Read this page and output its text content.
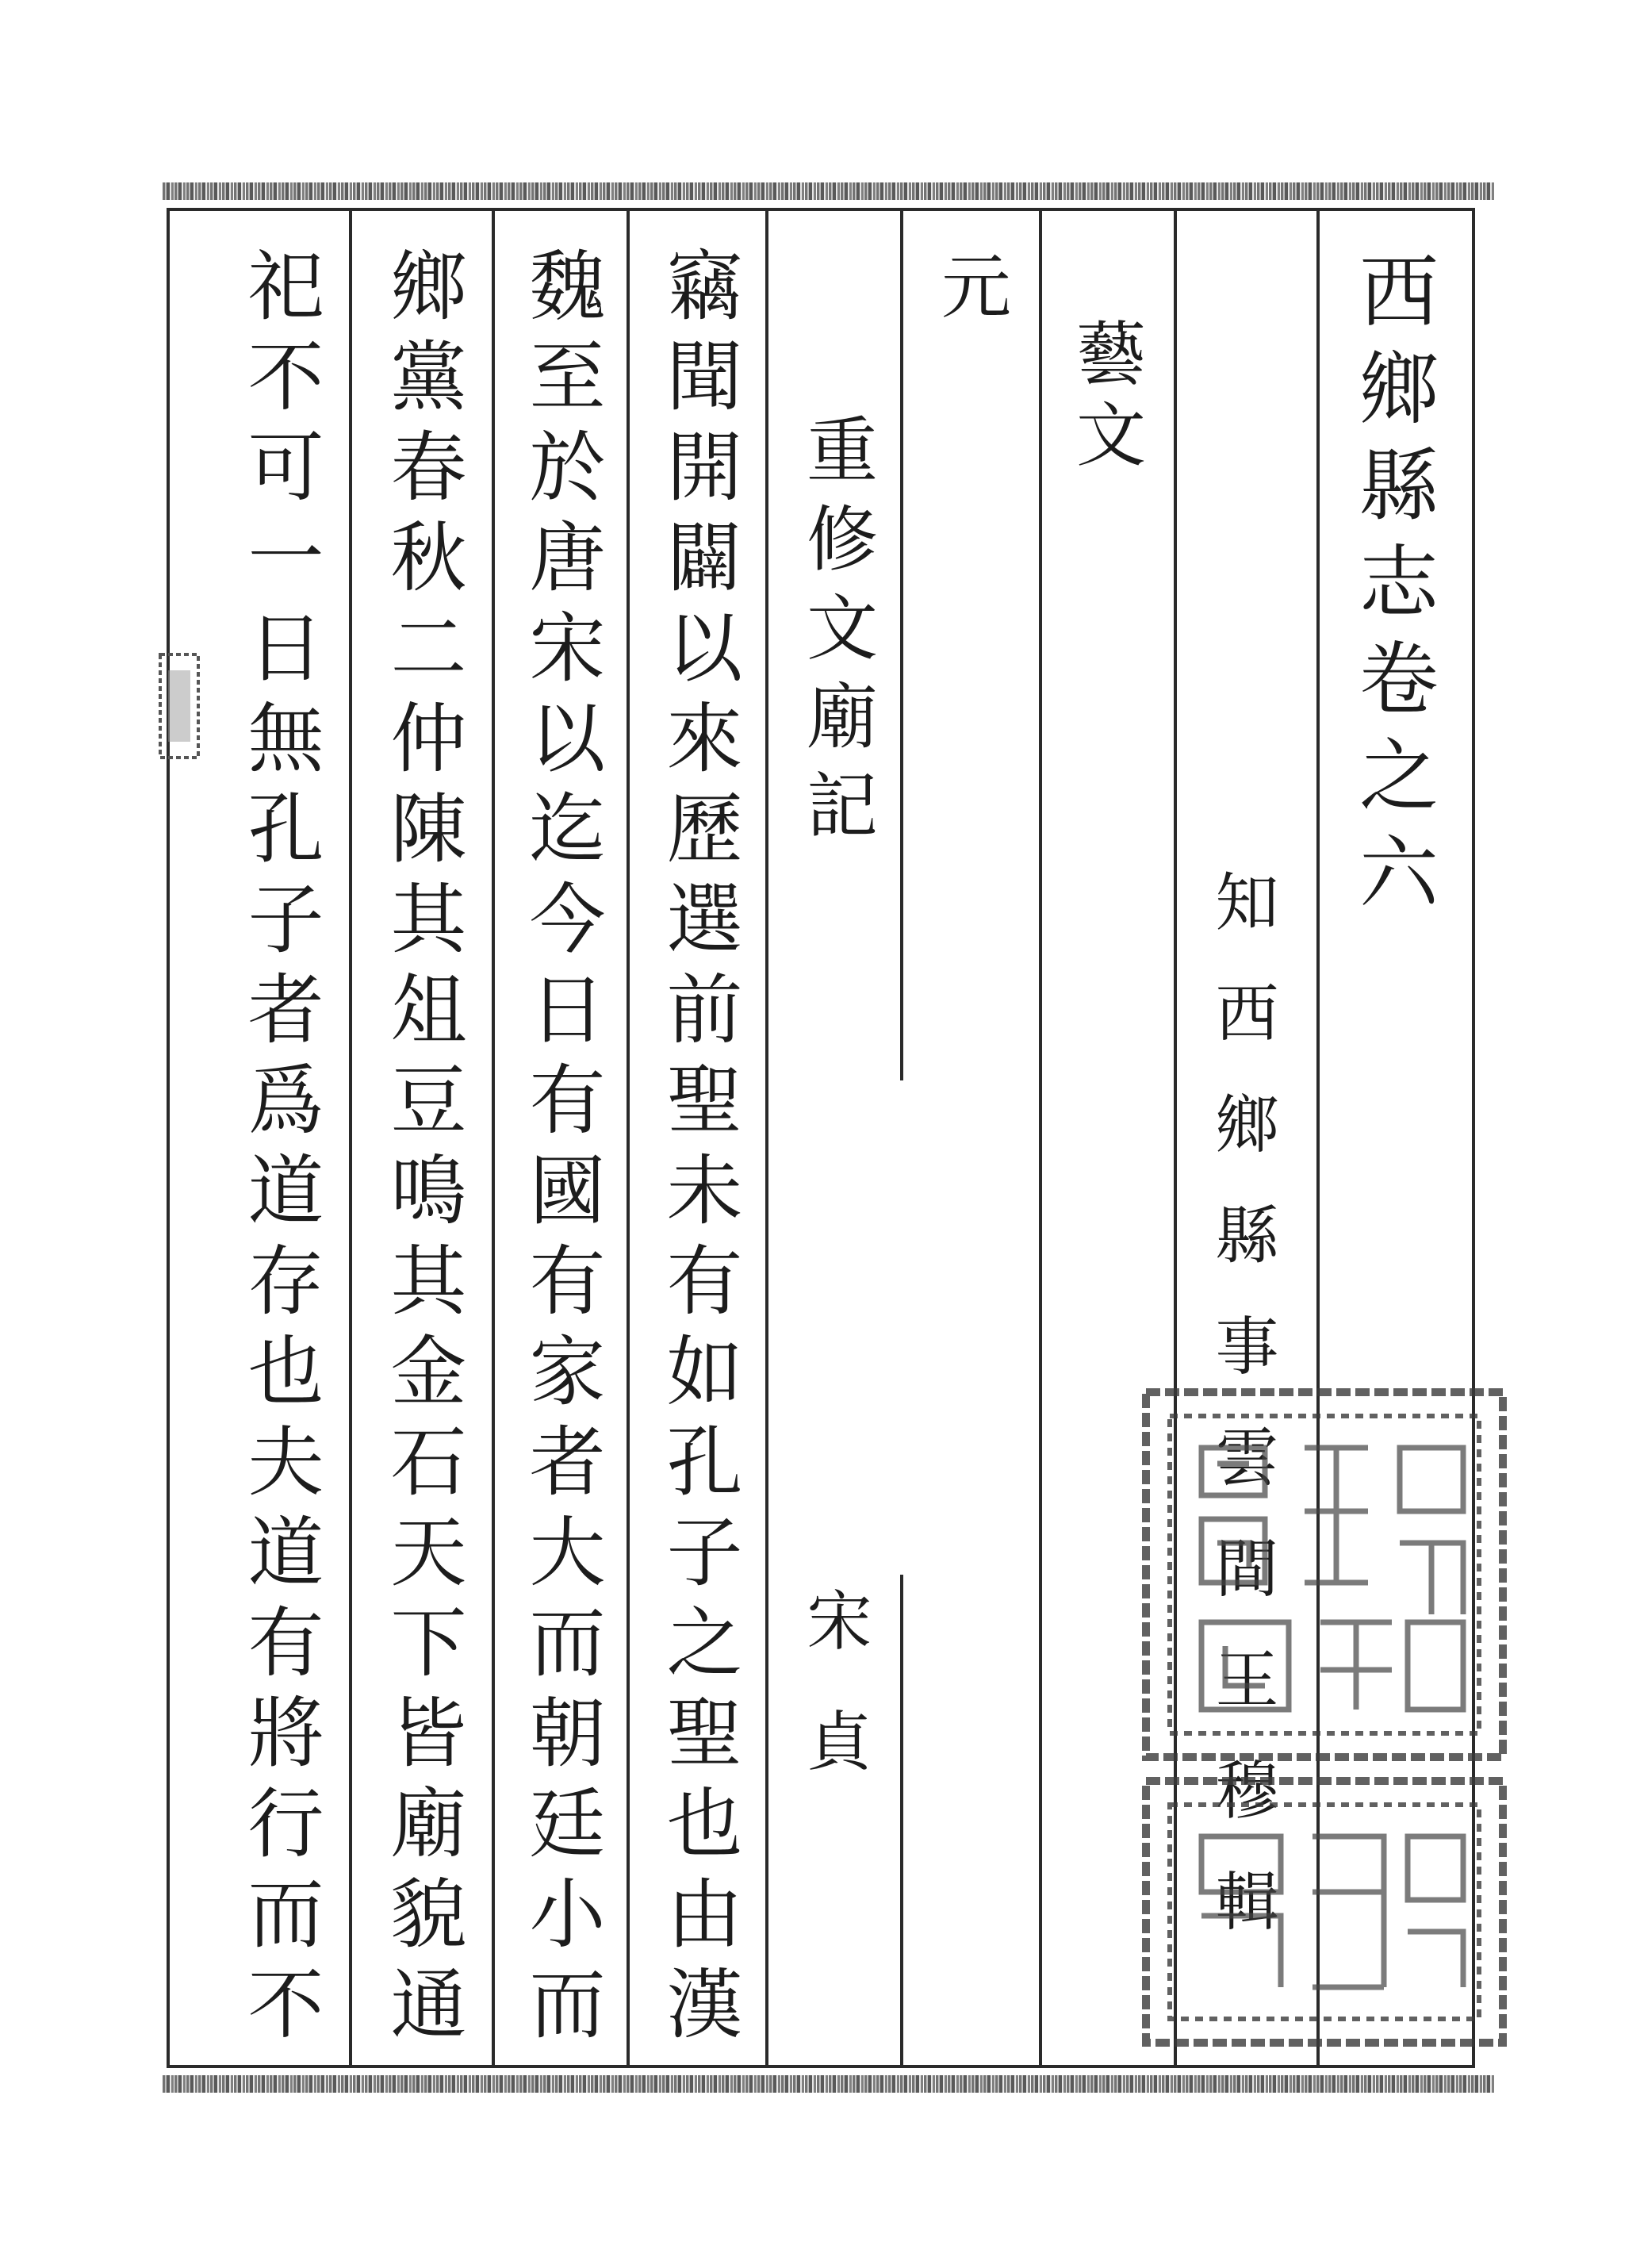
西鄉縣志卷之六
知西鄉縣事雲間王穆輯
藝文
元
重修文廟記
宋貞
竊聞開闢以來歷選前聖未有如孔子之聖也由漢
魏至於唐宋以迄今日有國有家者大而朝廷小而
鄉黨春秋二仲陳其俎豆鳴其金石天下皆廟貌通
祀不可一日無孔子者爲道存也夫道有將行而不
